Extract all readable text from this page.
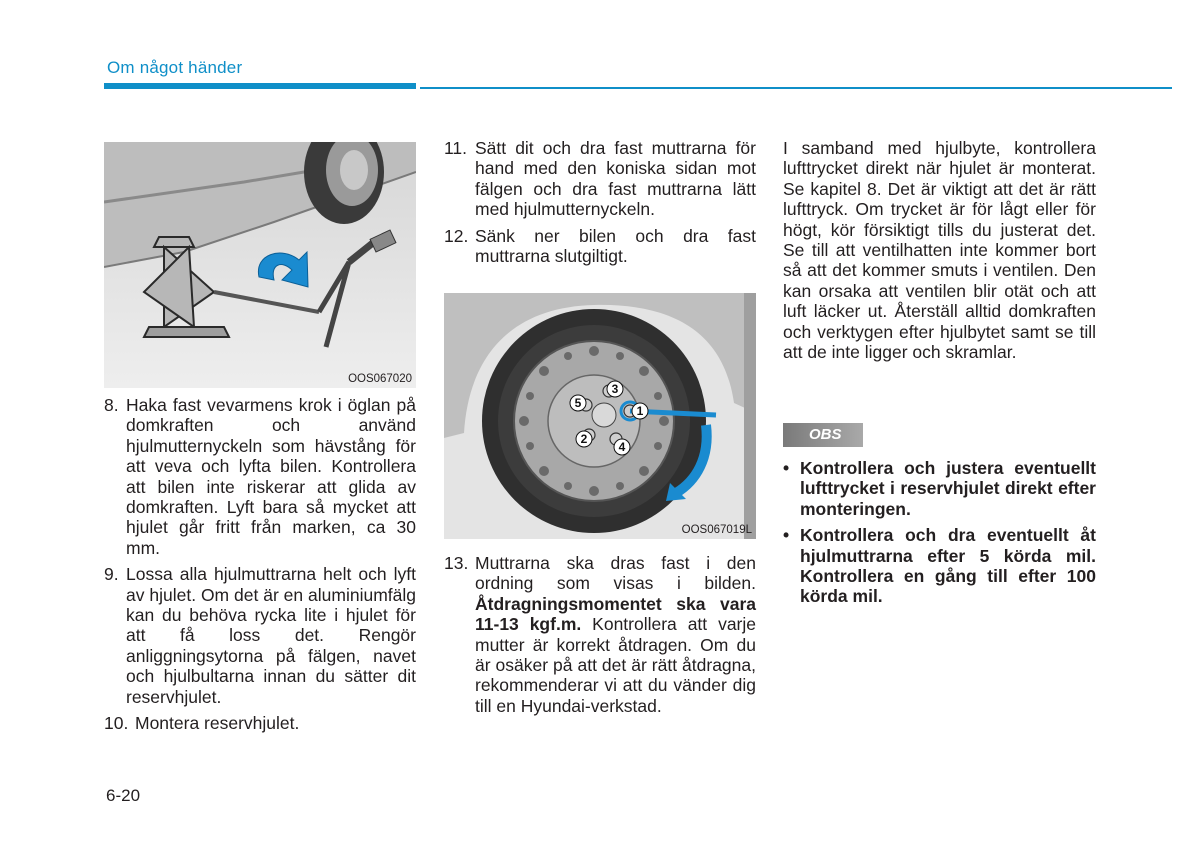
Om något händer
OOS067020

8. Haka fast vevarmens krok i öglan på domkraften och använd hjulmutternyckeln som hävstång för att veva och lyfta bilen. Kontrollera att bilen inte riskerar att glida av domkraften. Lyft bara så mycket att hjulet går fritt från marken, ca 30 mm.

9. Lossa alla hjulmuttrarna helt och lyft av hjulet. Om det är en aluminiumfälg kan du behöva rycka lite i hjulet för att få loss det. Rengör anliggningsytorna på fälgen, navet och hjulbultarna innan du sätter dit reservhjulet.

10. Montera reservhjulet.

11. Sätt dit och dra fast muttrarna för hand med den koniska sidan mot fälgen och dra fast muttrarna lätt med hjulmutternyckeln.

12. Sänk ner bilen och dra fast muttrarna slutgiltigt.

1
2
3
4
5
OOS067019L

13. Muttrarna ska dras fast i den ordning som visas i bilden. Åtdragningsmomentet ska vara 11-13 kgf.m. Kontrollera att varje mutter är korrekt åtdragen. Om du är osäker på att det är rätt åtdragna, rekommenderar vi att du vänder dig till en Hyundai-verkstad.

I samband med hjulbyte, kontrollera lufttrycket direkt när hjulet är monterat. Se kapitel 8. Det är viktigt att det är rätt lufttryck. Om trycket är för lågt eller för högt, kör försiktigt tills du justerat det. Se till att ventilhatten inte kommer bort så att det kommer smuts i ventilen. Den kan orsaka att ventilen blir otät och att luft läcker ut. Återställ alltid domkraften och verktygen efter hjulbytet samt se till att de inte ligger och skramlar.

OBS

• Kontrollera och justera eventuellt lufttrycket i reservhjulet direkt efter monteringen.

• Kontrollera och dra eventuellt åt hjulmuttrarna efter 5 körda mil. Kontrollera en gång till efter 100 körda mil.

6-20
